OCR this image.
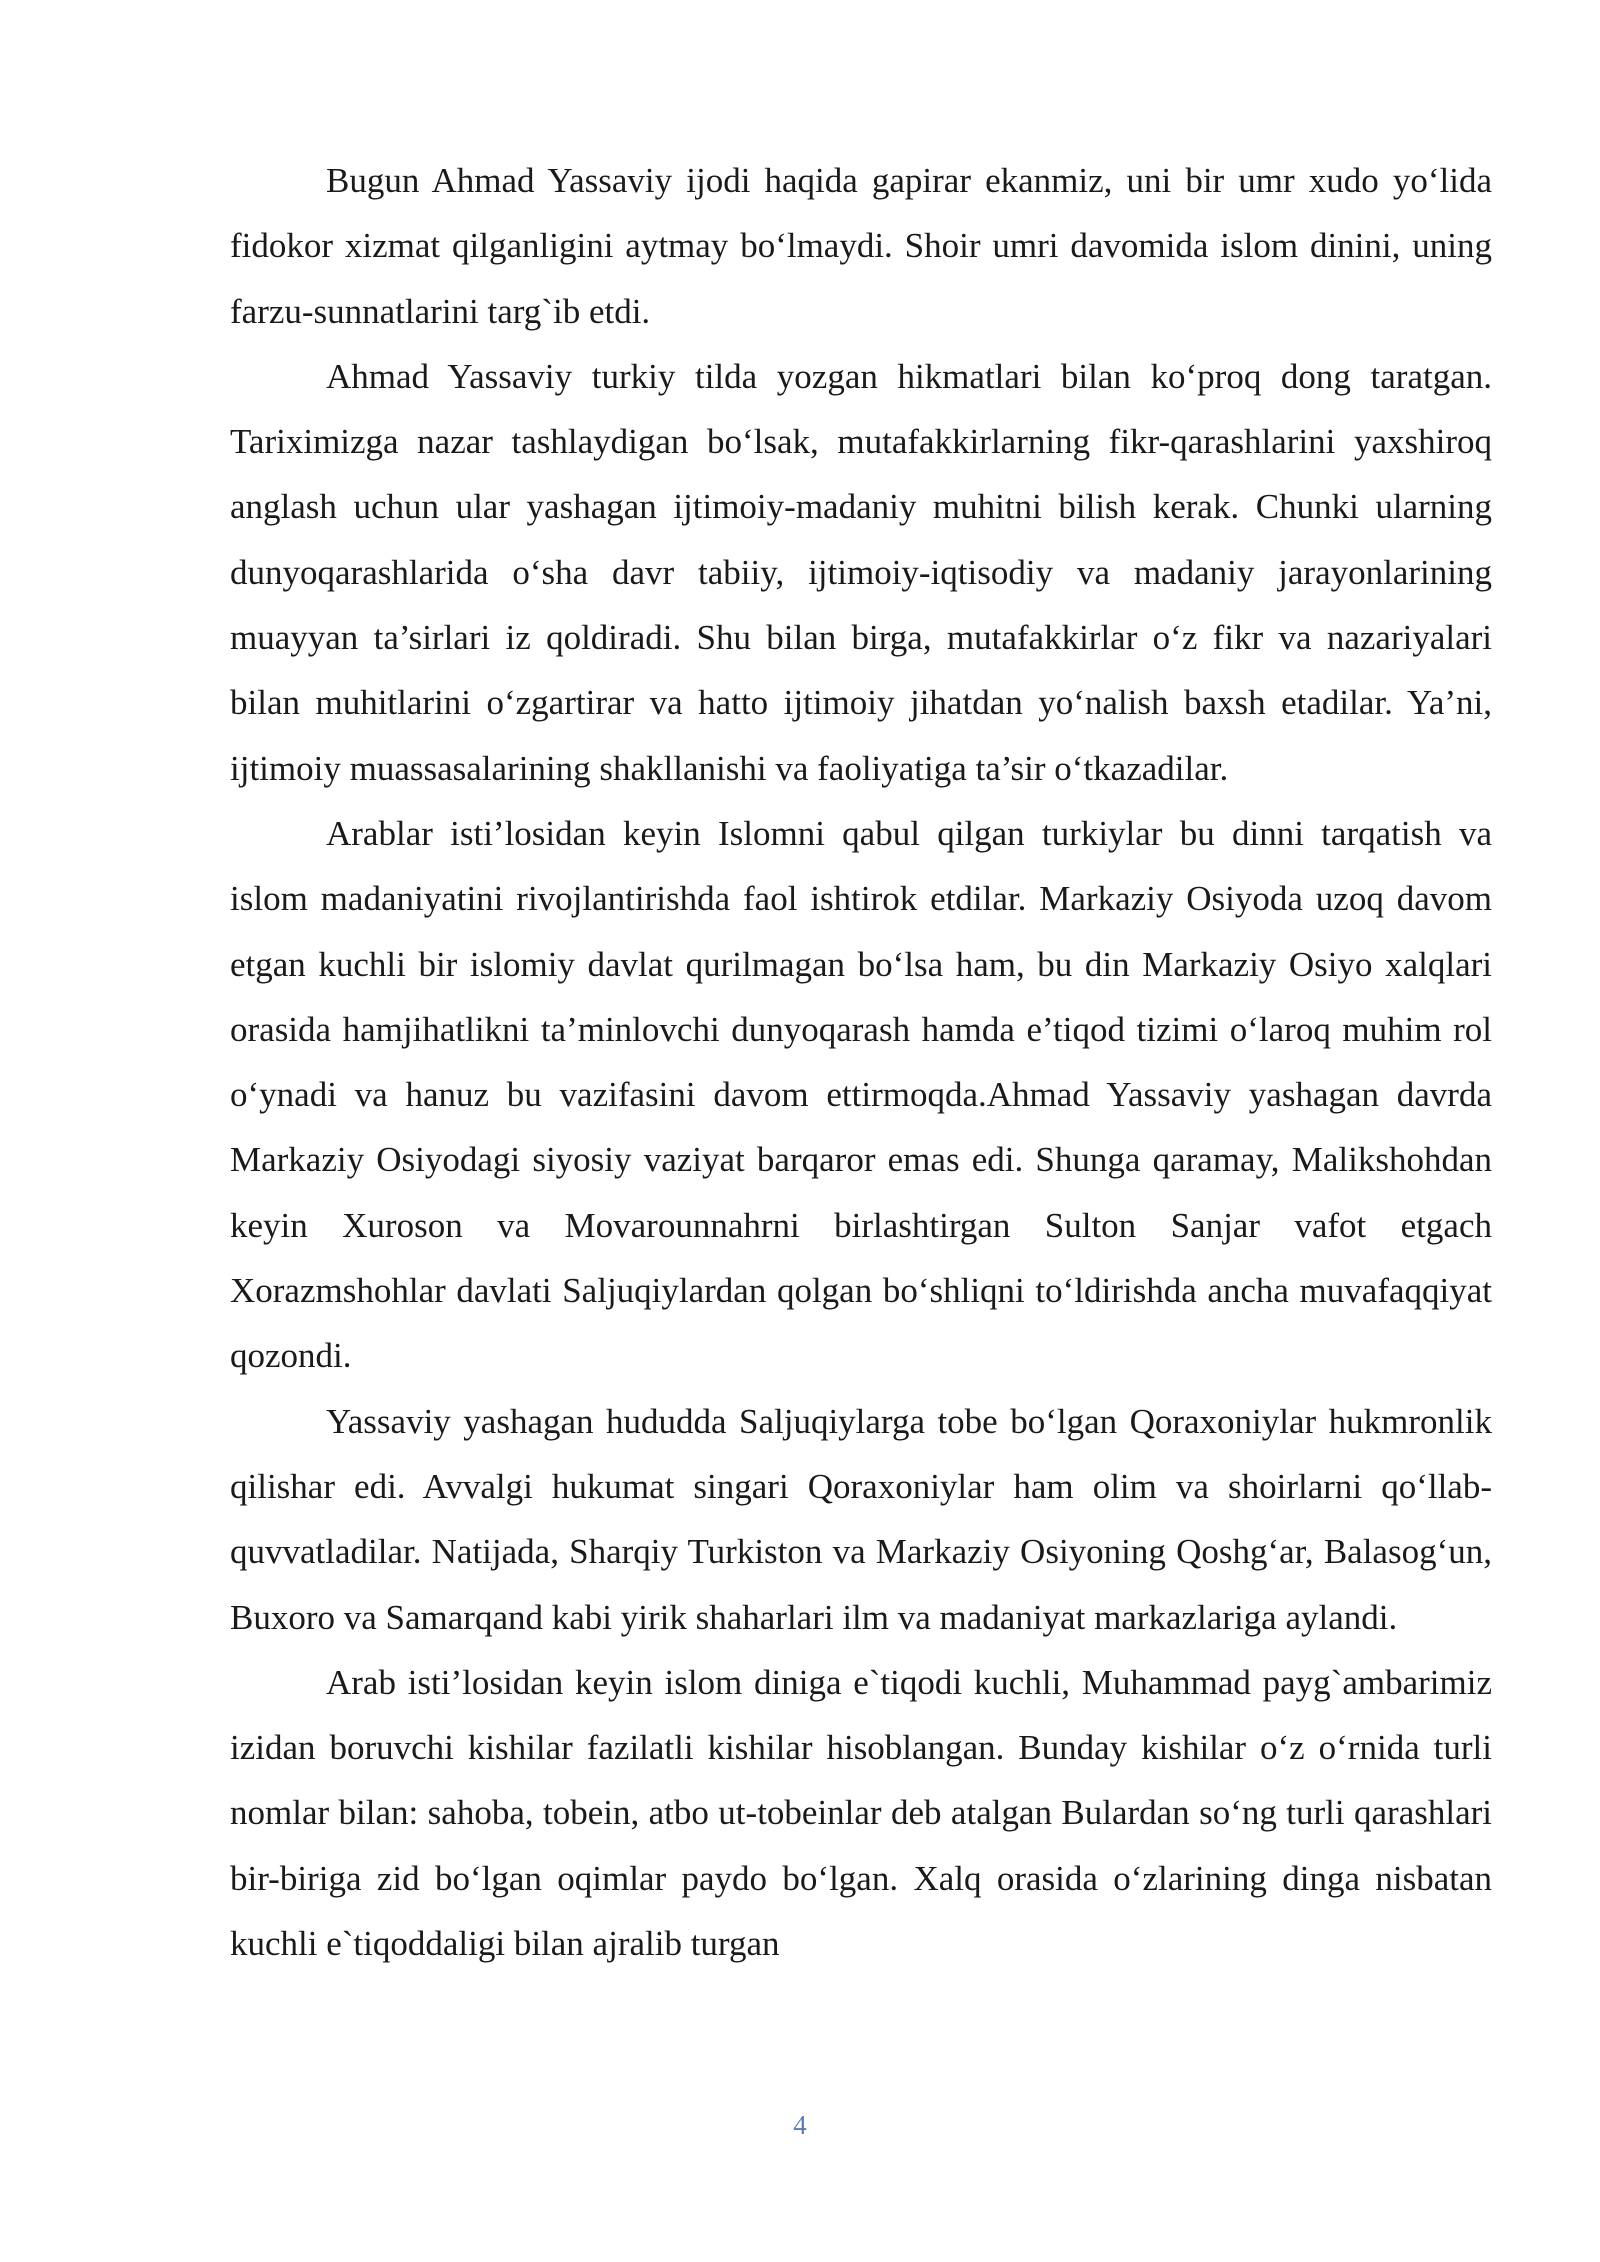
Bugun Ahmad Yassaviy ijodi haqida gapirar ekanmiz, uni bir umr xudo yo‘lida fidokor xizmat qilganligini aytmay bo‘lmaydi. Shoir umri davomida islom dinini, uning farzu-sunnatlarini targ`ib etdi.

Ahmad Yassaviy turkiy tilda yozgan hikmatlari bilan ko‘proq dong taratgan. Tariximizga nazar tashlaydigan bo‘lsak, mutafakkirlarning fikr-qarashlarini yaxshiroq anglash uchun ular yashagan ijtimoiy-madaniy muhitni bilish kerak. Chunki ularning dunyoqarashlarida o‘sha davr tabiiy, ijtimoiy-iqtisodiy va madaniy jarayonlarining muayyan ta’sirlari iz qoldiradi. Shu bilan birga, mutafakkirlar o‘z fikr va nazariyalari bilan muhitlarini o‘zgartirar va hatto ijtimoiy jihatdan yo‘nalish baxsh etadilar. Ya’ni, ijtimoiy muassasalarining shakllanishi va faoliyatiga ta’sir o‘tkazadilar.

Arablar isti’losidan keyin Islomni qabul qilgan turkiylar bu dinni tarqatish va islom madaniyatini rivojlantirishda faol ishtirok etdilar. Markaziy Osiyoda uzoq davom etgan kuchli bir islomiy davlat qurilmagan bo‘lsa ham, bu din Markaziy Osiyo xalqlari orasida hamjihatlikni ta’minlovchi dunyoqarash hamda e’tiqod tizimi o‘laroq muhim rol o‘ynadi va hanuz bu vazifasini davom ettirmoqda.Ahmad Yassaviy yashagan davrda Markaziy Osiyodagi siyosiy vaziyat barqaror emas edi. Shunga qaramay, Malikshohdan keyin Xuroson va Movarounnahrni birlashtirgan Sulton Sanjar vafot etgach Xorazmshohlar davlati Saljuqiylardan qolgan bo‘shliqni to‘ldirishda ancha muvafaqqiyat qozondi.

Yassaviy yashagan hududda Saljuqiylarga tobe bo‘lgan Qoraxoniylar hukmronlik qilishar edi. Avvalgi hukumat singari Qoraxoniylar ham olim va shoirlarni qo‘llab-quvvatladilar. Natijada, Sharqiy Turkiston va Markaziy Osiyoning Qoshg‘ar, Balasog‘un, Buxoro va Samarqand kabi yirik shaharlari ilm va madaniyat markazlariga aylandi.

Arab isti’losidan keyin islom diniga e`tiqodi kuchli, Muhammad payg`ambarimiz izidan boruvchi kishilar fazilatli kishilar hisoblangan. Bunday kishilar o‘z o‘rnida turli nomlar bilan: sahoba, tobein, atbo ut-tobeinlar deb atalgan Bulardan so‘ng turli qarashlari bir-biriga zid bo‘lgan oqimlar paydo bo‘lgan. Xalq orasida o‘zlarining dinga nisbatan kuchli e`tiqoddaligi bilan ajralib turgan

4
